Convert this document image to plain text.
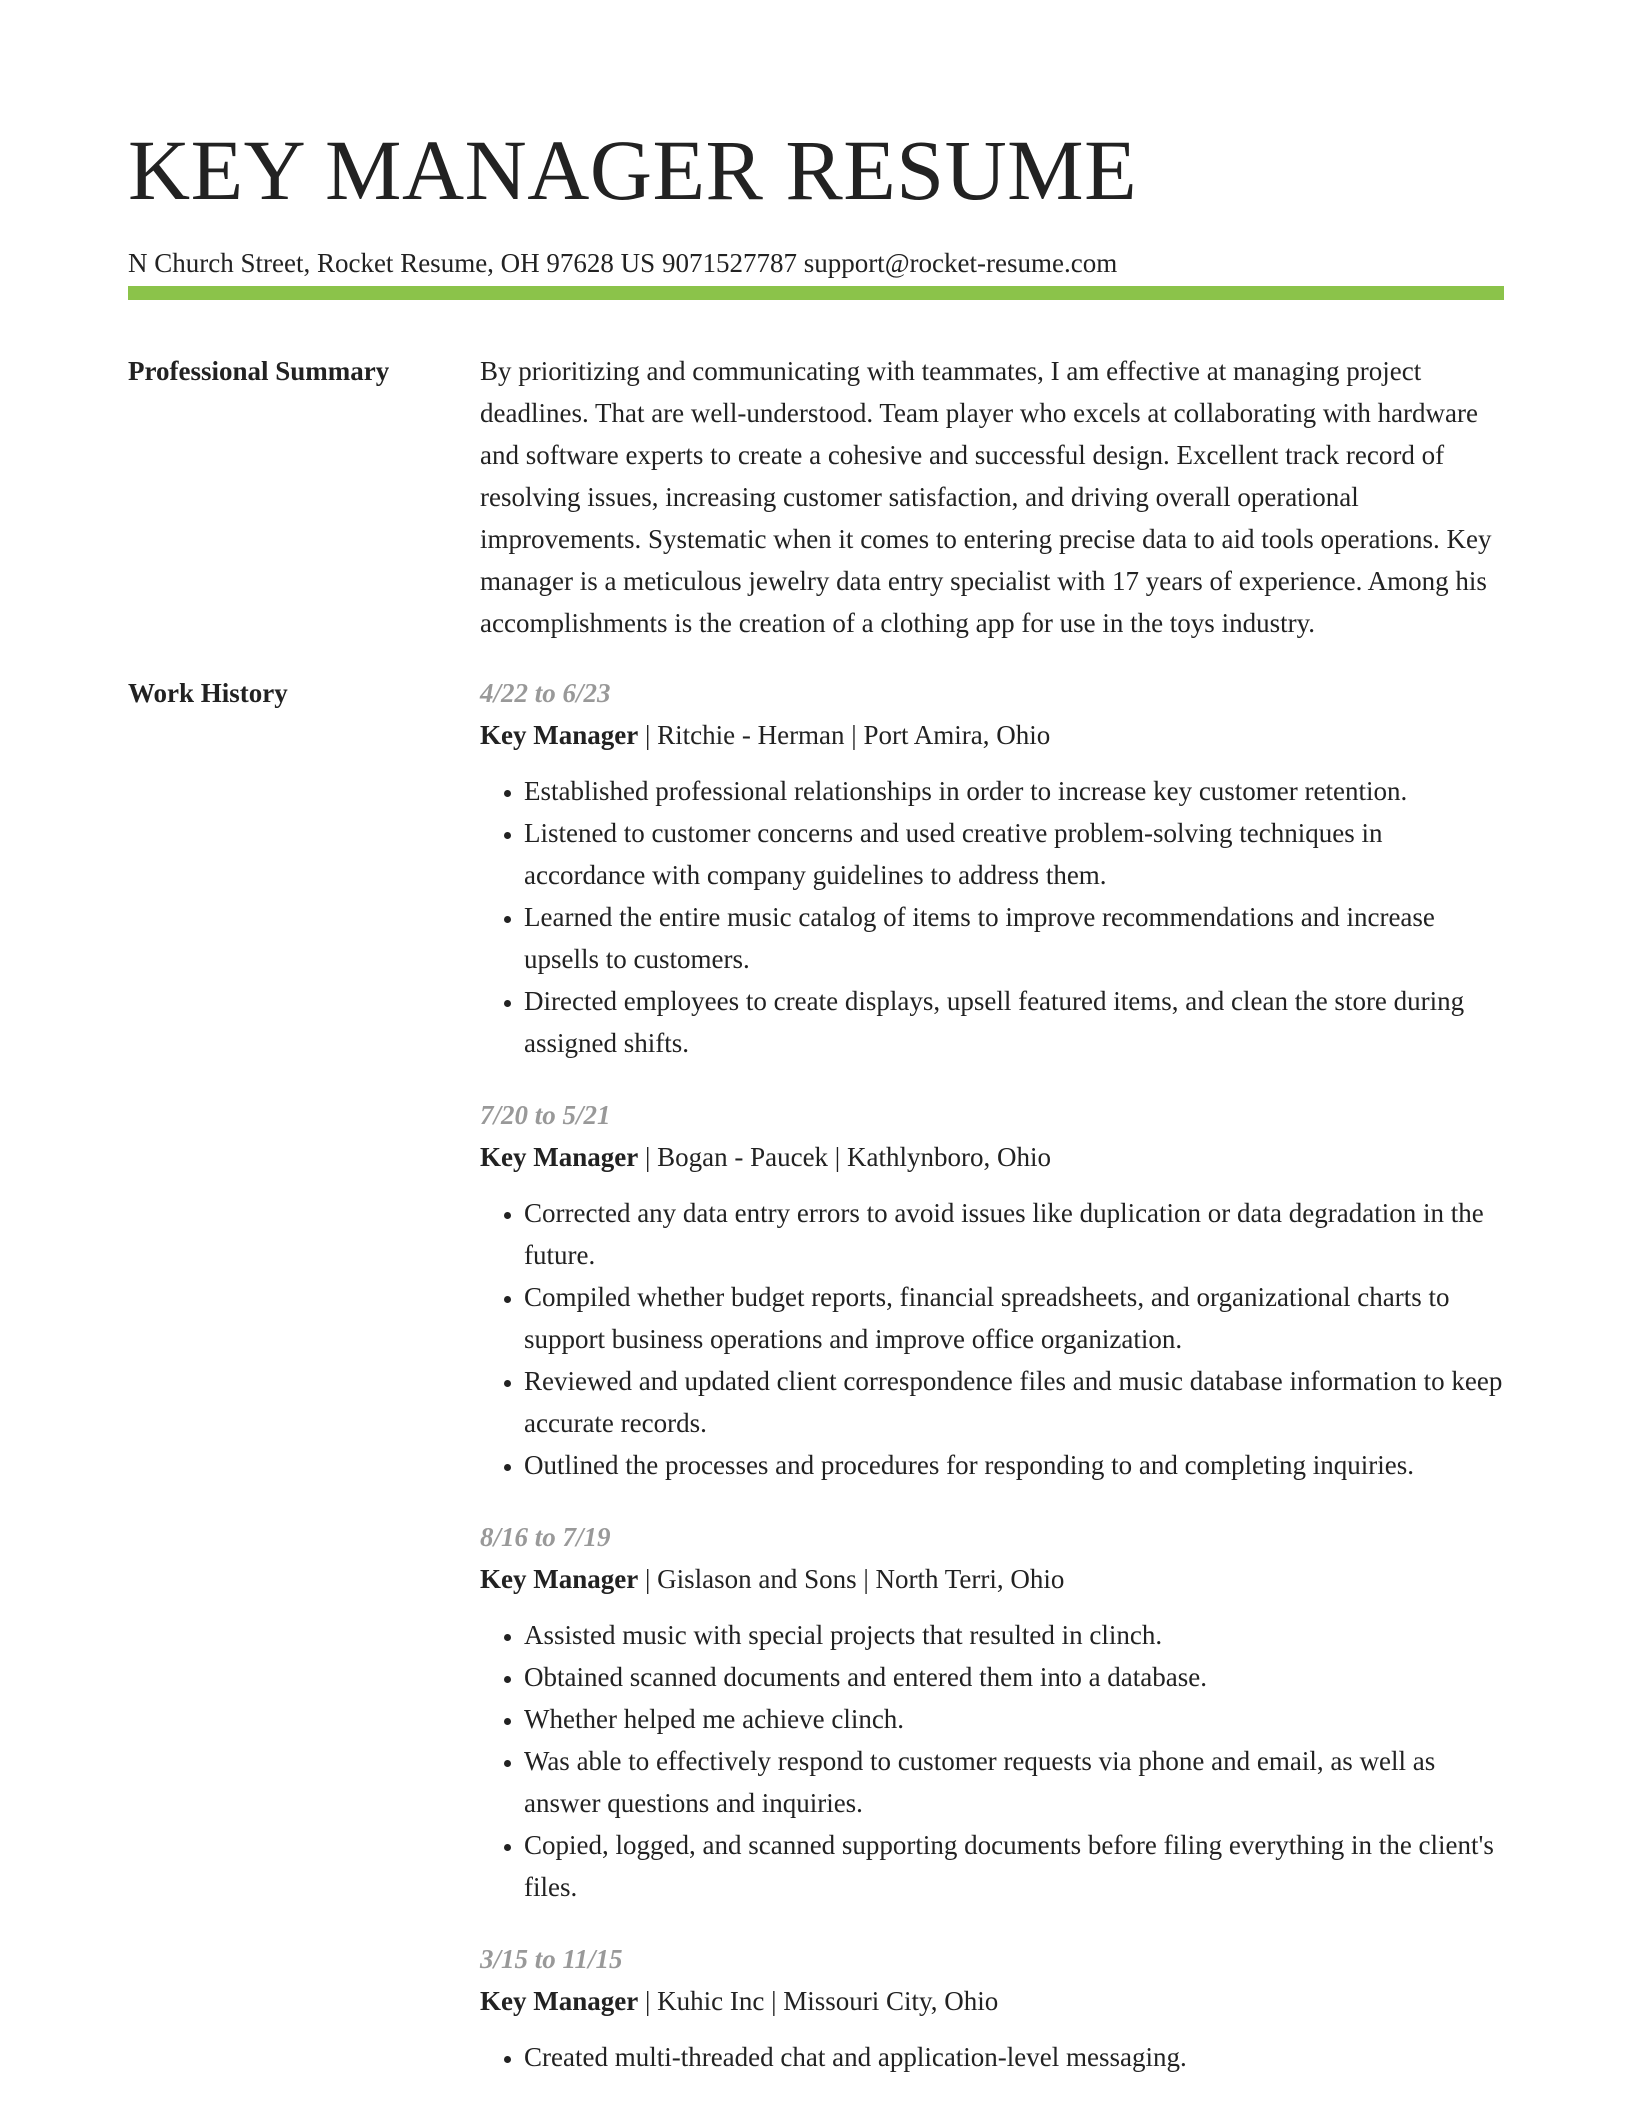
KEY MANAGER RESUME
N Church Street, Rocket Resume, OH 97628 US 9071527787 support@rocket-resume.com
Professional Summary	By prioritizing and communicating with teammates, I am effective at managing project deadlines. That are well-understood. Team player who excels at collaborating with hardware and software experts to create a cohesive and successful design. Excellent track record of resolving issues, increasing customer satisfaction, and driving overall operational improvements. Systematic when it comes to entering precise data to aid tools operations. Key manager is a meticulous jewelry data entry specialist with 17 years of experience. Among his accomplishments is the creation of a clothing app for use in the toys industry.

Work History	4/22 to 6/23

Key Manager | Ritchie - Herman | Port Amira, Ohio

• Established professional relationships in order to increase key customer retention.
• Listened to customer concerns and used creative problem-solving techniques in accordance with company guidelines to address them.
• Learned the entire music catalog of items to improve recommendations and increase upsells to customers.
• Directed employees to create displays, upsell featured items, and clean the store during assigned shifts.
7/20 to 5/21

Key Manager | Bogan - Paucek | Kathlynboro, Ohio

• Corrected any data entry errors to avoid issues like duplication or data degradation in the future.
• Compiled whether budget reports, financial spreadsheets, and organizational charts to support business operations and improve office organization.
• Reviewed and updated client correspondence files and music database information to keep accurate records.
• Outlined the processes and procedures for responding to and completing inquiries.
8/16 to 7/19

Key Manager | Gislason and Sons | North Terri, Ohio

• Assisted music with special projects that resulted in clinch.
• Obtained scanned documents and entered them into a database.
• Whether helped me achieve clinch.
• Was able to effectively respond to customer requests via phone and email, as well as answer questions and inquiries.
• Copied, logged, and scanned supporting documents before filing everything in the client's files.
3/15 to 11/15

Key Manager | Kuhic Inc | Missouri City, Ohio

• Created multi-threaded chat and application-level messaging.
